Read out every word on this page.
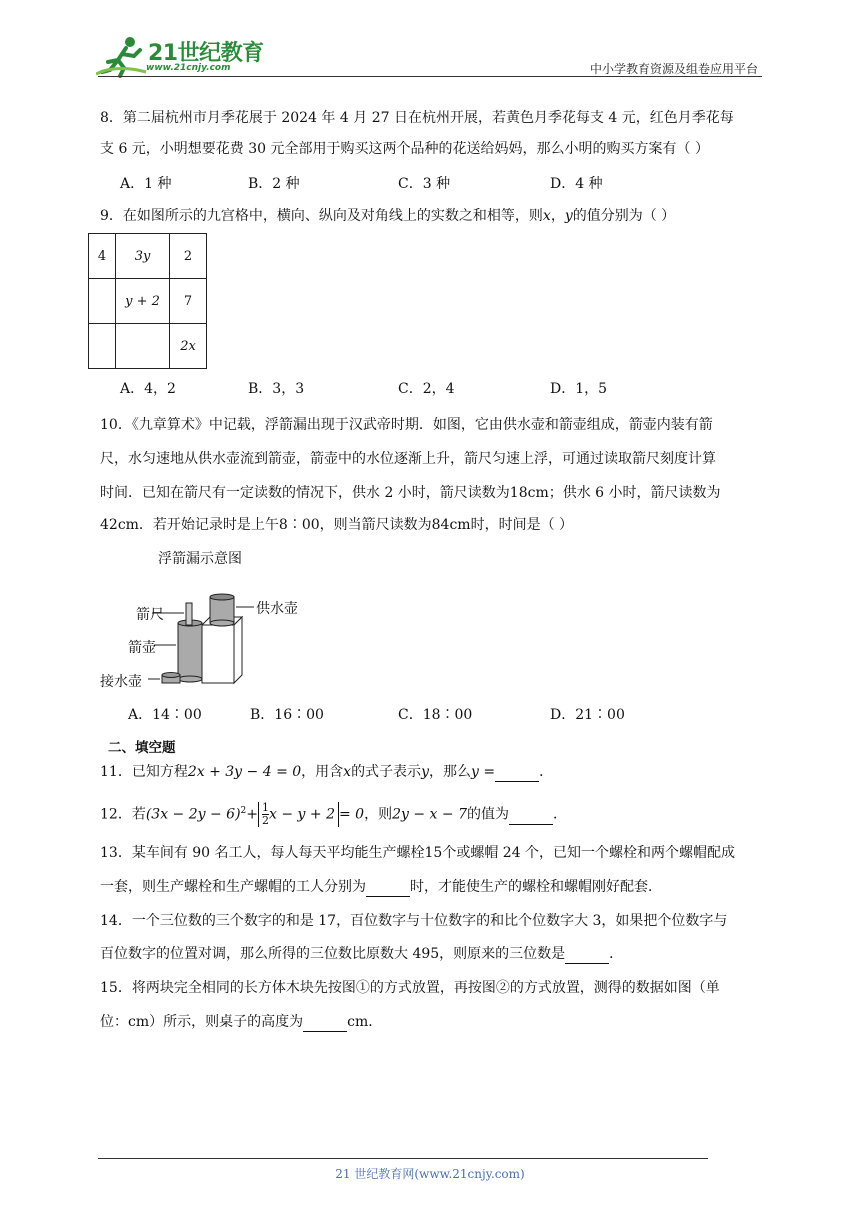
21世纪教育
www.21cnjy.com	中小学教育资源及组卷应用平台
8．第二届杭州市月季花展于 2024 年 4 月 27 日在杭州开展，若黄色月季花每支 4 元，红色月季花每
支 6 元，小明想要花费 30 元全部用于购买这两个品种的花送给妈妈，那么小明的购买方案有（ ）
A．1 种	B．2 种	C．3 种	D．4 种
9．在如图所示的九宫格中，横向、纵向及对角线上的实数之和相等，则x，y的值分别为（ ）
4	3y	2
	y + 2	7
		2x
A．4，2	B．3，3	C．2，4	D．1，5
10．《九章算术》中记载，浮箭漏出现于汉武帝时期．如图，它由供水壶和箭壶组成，箭壶内装有箭
尺，水匀速地从供水壶流到箭壶，箭壶中的水位逐渐上升，箭尺匀速上浮，可通过读取箭尺刻度计算
时间．已知在箭尺有一定读数的情况下，供水 2 小时，箭尺读数为18cm；供水 6 小时，箭尺读数为
42cm．若开始记录时是上午8∶00，则当箭尺读数为84cm时，时间是（ ）
浮箭漏示意图
箭尺	供水壶
箭壶
接水壶
A．14∶00	B．16∶00	C．18∶00	D．21∶00
二、填空题
11．已知方程2x + 3y − 4 = 0，用含x的式子表示y，那么y =	．
12．若$(3x - 2y - 6)^2+ \frac{1}{2}$ x − y + 2 = 0，则2y − x − 7的值为	．
13．某车间有 90 名工人，每人每天平均能生产螺栓15个或螺帽 24 个，已知一个螺栓和两个螺帽配成
一套，则生产螺栓和生产螺帽的工人分别为	时，才能使生产的螺栓和螺帽刚好配套．
14．一个三位数的三个数字的和是 17，百位数字与十位数字的和比个位数字大 3，如果把个位数字与
百位数字的位置对调，那么所得的三位数比原数大 495，则原来的三位数是	．
15．将两块完全相同的长方体木块先按图①的方式放置，再按图②的方式放置，测得的数据如图（单
位：cm）所示，则桌子的高度为	cm．
21 世纪教育网(www.21cnjy.com)
